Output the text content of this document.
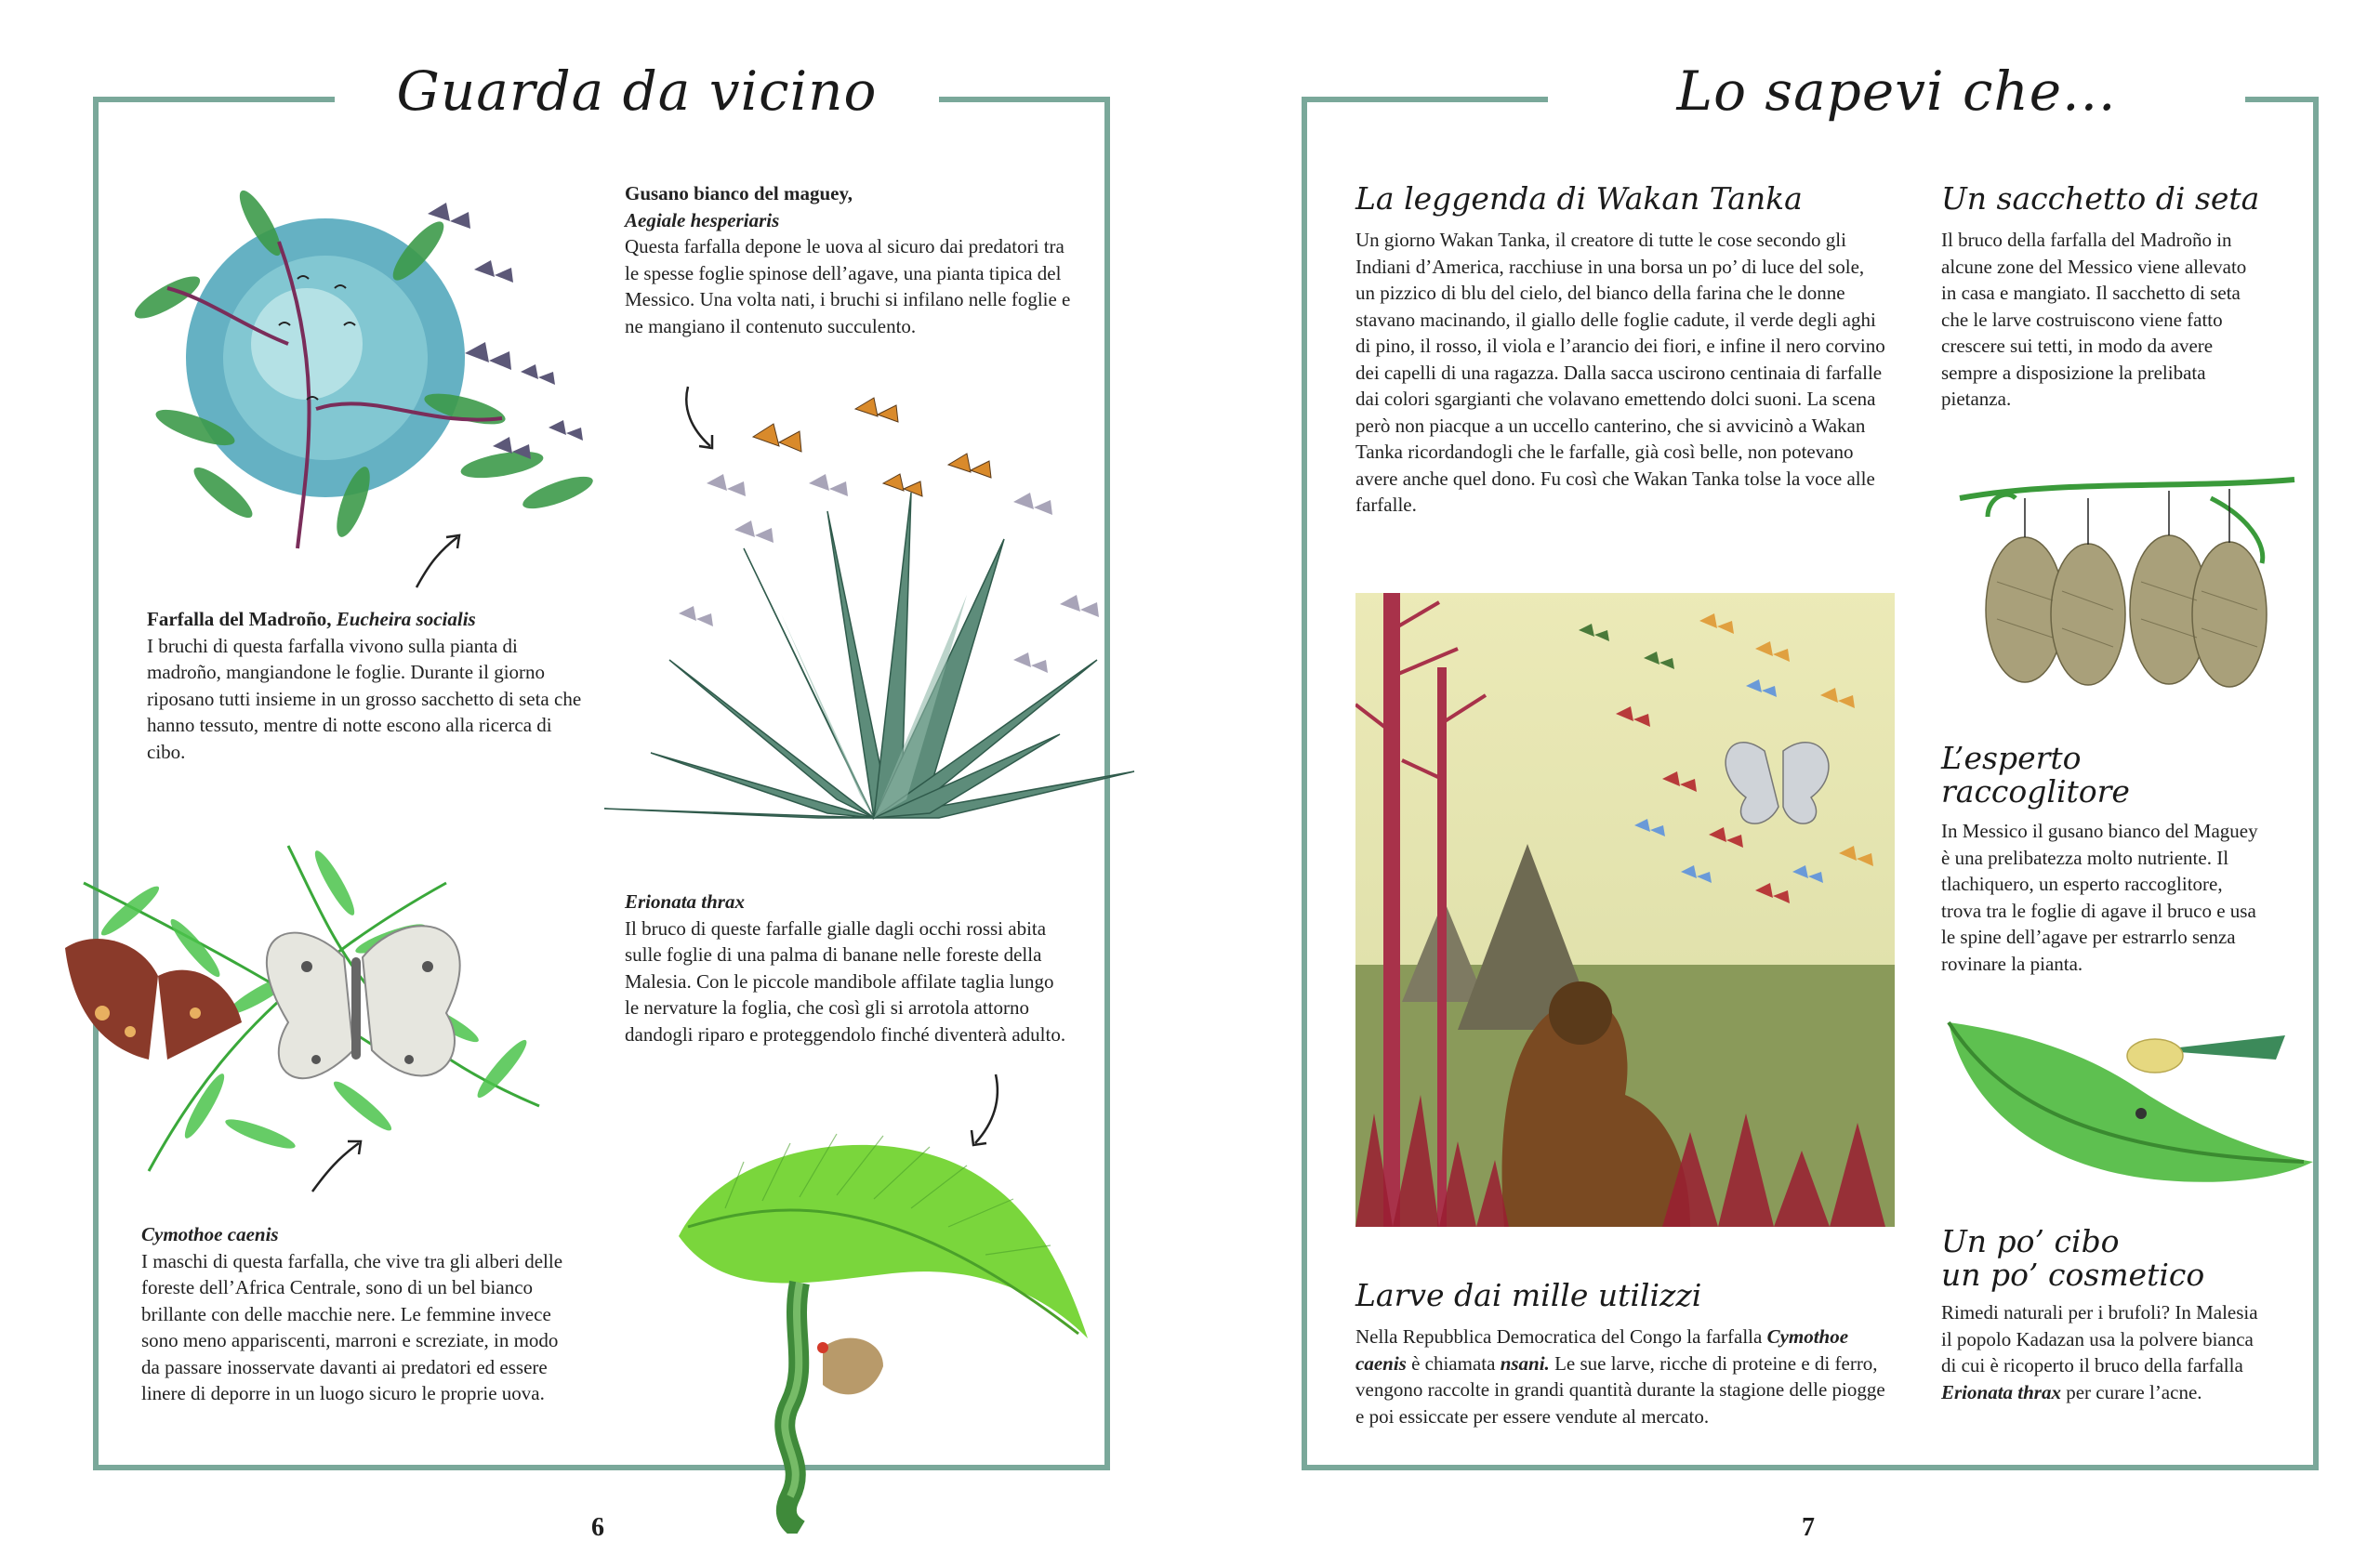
Guarda da vicino	Lo sapevi che...
Gusano bianco del maguey,
Aegiale hesperiaris
Questa farfalla depone le uova al sicuro dai predatori tra le spesse foglie spinose dell’agave, una pianta tipica del Messico. Una volta nati, i bruchi si infilano nelle foglie e ne mangiano il contenuto succulento.
Farfalla del Madroño, Eucheira socialis
I bruchi di questa farfalla vivono sulla pianta di madroño, mangiandone le foglie. Durante il giorno riposano tutti insieme in un grosso sacchetto di seta che hanno tessuto, mentre di notte escono alla ricerca di cibo.
Erionata thrax
Il bruco di queste farfalle gialle dagli occhi rossi abita sulle foglie di una palma di banane nelle foreste della Malesia. Con le piccole mandibole affilate taglia lungo le nervature la foglia, che così gli si arrotola attorno dandogli riparo e proteggendolo finché diventerà adulto.
Cymothoe caenis
I maschi di questa farfalla, che vive tra gli alberi delle foreste dell’Africa Centrale, sono di un bel bianco brillante con delle macchie nere. Le femmine invece sono meno appariscenti, marroni e screziate, in modo da passare inosservate davanti ai predatori ed essere linere di deporre in un luogo sicuro le proprie uova.
6
La leggenda di Wakan Tanka
Un giorno Wakan Tanka, il creatore di tutte le cose secondo gli Indiani d’America, racchiuse in una borsa un po’ di luce del sole, un pizzico di blu del cielo, del bianco della farina che le donne stavano macinando, il giallo delle foglie cadute, il verde degli aghi di pino, il rosso, il viola e l’arancio dei fiori, e infine il nero corvino dei capelli di una ragazza. Dalla sacca uscirono centinaia di farfalle dai colori sgargianti che volavano emettendo dolci suoni. La scena però non piacque a un uccello canterino, che si avvicinò a Wakan Tanka ricordandogli che le farfalle, già così belle, non potevano avere anche quel dono. Fu così che Wakan Tanka tolse la voce alle farfalle.
Un sacchetto di seta
Il bruco della farfalla del Madroño in alcune zone del Messico viene allevato in casa e mangiato. Il sacchetto di seta che le larve costruiscono viene fatto crescere sui tetti, in modo da avere sempre a disposizione la prelibata pietanza.
L’esperto
raccoglitore
In Messico il gusano bianco del Maguey è una prelibatezza molto nutriente. Il tlachiquero, un esperto raccoglitore, trova tra le foglie di agave il bruco e usa le spine dell’agave per estrarrlo senza rovinare la pianta.
Un po’ cibo
un po’ cosmetico
Rimedi naturali per i brufoli? In Malesia il popolo Kadazan usa la polvere bianca di cui è ricoperto il bruco della farfalla Erionata thrax per curare l’acne.
Larve dai mille utilizzi
Nella Repubblica Democratica del Congo la farfalla Cymothoe caenis è chiamata nsani. Le sue larve, ricche di proteine e di ferro, vengono raccolte in grandi quantità durante la stagione delle piogge e poi essiccate per essere vendute al mercato.
7
